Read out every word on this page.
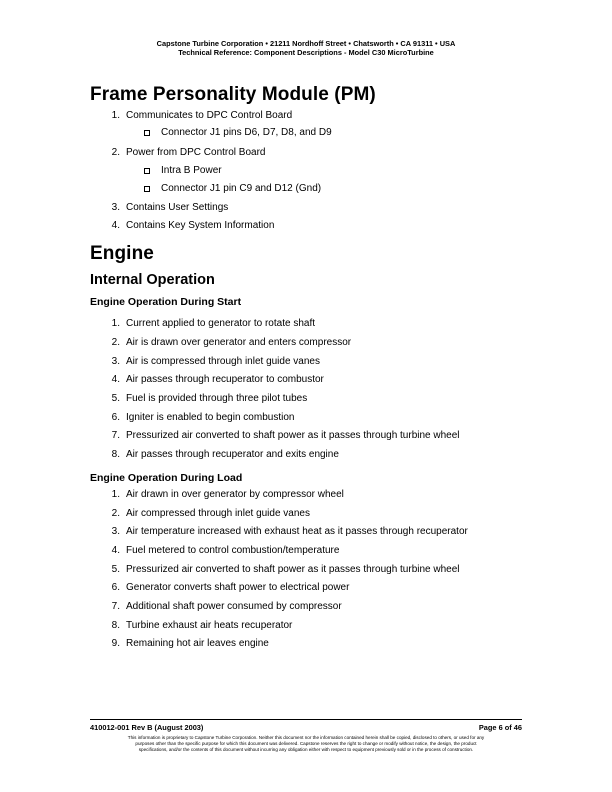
Capstone Turbine Corporation • 21211 Nordhoff Street • Chatsworth • CA 91311 • USA
Technical Reference: Component Descriptions - Model C30 MicroTurbine
Frame Personality Module (PM)
1. Communicates to DPC Control Board
Connector J1 pins D6, D7, D8, and D9
2. Power from DPC Control Board
Intra B Power
Connector J1 pin C9 and D12 (Gnd)
3. Contains User Settings
4. Contains Key System Information
Engine
Internal Operation
Engine Operation During Start
1. Current applied to generator to rotate shaft
2. Air is drawn over generator and enters compressor
3. Air is compressed through inlet guide vanes
4. Air passes through recuperator to combustor
5. Fuel is provided through three pilot tubes
6. Igniter is enabled to begin combustion
7. Pressurized air converted to shaft power as it passes through turbine wheel
8. Air passes through recuperator and exits engine
Engine Operation During Load
1. Air drawn in over generator by compressor wheel
2. Air compressed through inlet guide vanes
3. Air temperature increased with exhaust heat as it passes through recuperator
4. Fuel metered to control combustion/temperature
5. Pressurized air converted to shaft power as it passes through turbine wheel
6. Generator converts shaft power to electrical power
7. Additional shaft power consumed by compressor
8. Turbine exhaust air heats recuperator
9. Remaining hot air leaves engine
410012-001 Rev B (August 2003)	Page 6 of 46
This information is proprietary to Capstone Turbine Corporation. Neither this document nor the information contained herein shall be copied, disclosed to others, or used for any
purposes other than the specific purpose for which this document was delivered. Capstone reserves the right to change or modify without notice, the design, the product
specifications, and/or the contents of this document without incurring any obligation either with respect to equipment previously sold or in the process of construction.
